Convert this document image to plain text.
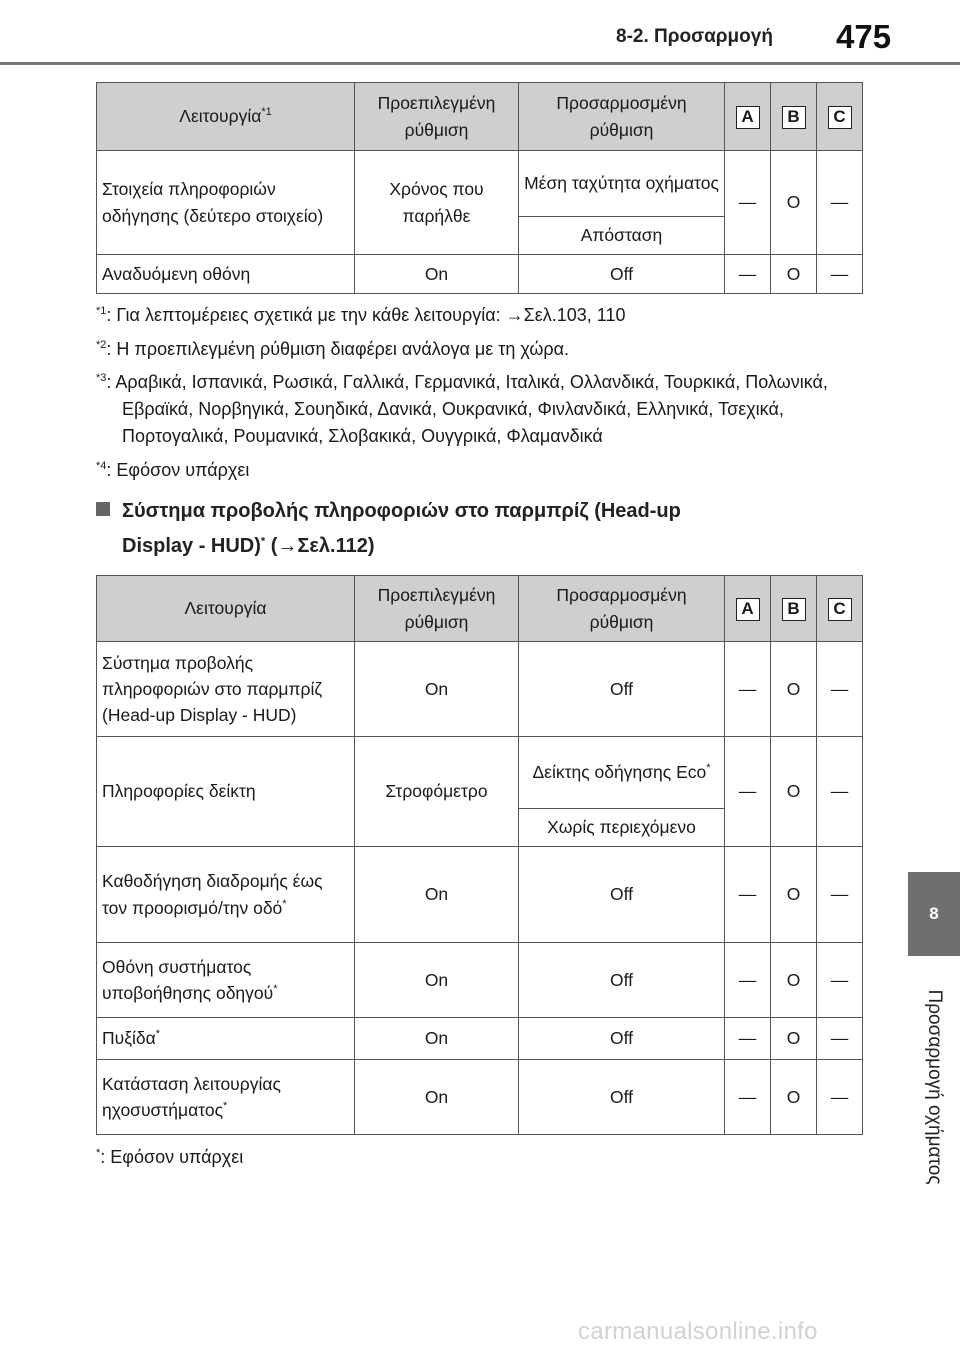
8-2. Προσαρμογή 475
8
Προσαρμογή οχήματος
Λειτουργία$^{*1}$	Προεπιλεγμένη ρύθμιση	Προσαρμοσμένη ρύθμιση	A	B	C
Στοιχεία πληροφοριών οδήγησης (δεύτερο στοιχείο)	Χρόνος που παρήλθε	Μέση ταχύτητα οχήματος	—	O	—
		Απόσταση			
Αναδυόμενη οθόνη	On	Off	—	O	—
$^{*1}$: Για λεπτομέρειες σχετικά με την κάθε λειτουργία: →Σελ.103, 110
$^{*2}$: Η προεπιλεγμένη ρύθμιση διαφέρει ανάλογα με τη χώρα.
$^{*3}$: Αραβικά, Ισπανικά, Ρωσικά, Γαλλικά, Γερμανικά, Ιταλικά, Ολλανδικά, Τουρκικά, Πολωνικά, Εβραϊκά, Νορβηγικά, Σουηδικά, Δανικά, Ουκρανικά, Φινλανδικά, Ελληνικά, Τσεχικά, Πορτογαλικά, Ρουμανικά, Σλοβακικά, Ουγγρικά, Φλαμανδικά
$^{*4}$: Εφόσον υπάρχει
Σύστημα προβολής πληροφοριών στο παρμπρίζ (Head-up
Display - HUD)* (→Σελ.112)
Λειτουργία	Προεπιλεγμένη ρύθμιση	Προσαρμοσμένη ρύθμιση	A	B	C
Σύστημα προβολής πληροφοριών στο παρμπρίζ (Head-up Display - HUD)	On	Off	—	O	—
Πληροφορίες δείκτη	Στροφόμετρο	Δείκτης οδήγησης Eco*	—	O	—
		Χωρίς περιεχόμενο			
Καθοδήγηση διαδρομής έως τον προορισμό/την οδό*	On	Off	—	O	—
Οθόνη συστήματος υποβοήθησης οδηγού*	On	Off	—	O	—
Πυξίδα*	On	Off	—	O	—
Κατάσταση λειτουργίας ηχοσυστήματος*	On	Off	—	O	—
*: Εφόσον υπάρχει
carmanualsonline.info
